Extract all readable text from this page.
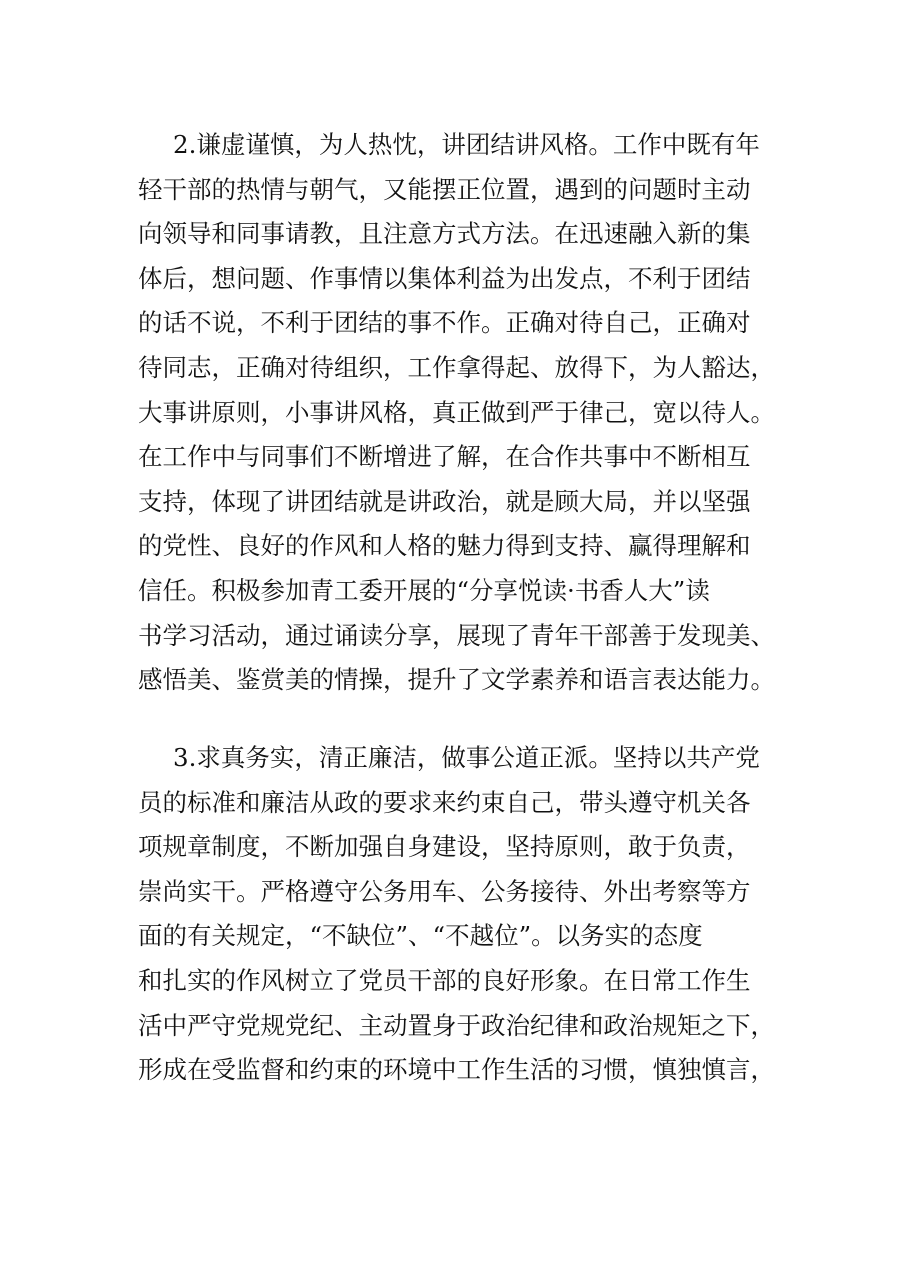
2.谦虚谨慎，为人热忱，讲团结讲风格。工作中既有年
轻干部的热情与朝气，又能摆正位置，遇到的问题时主动
向领导和同事请教，且注意方式方法。在迅速融入新的集
体后，想问题、作事情以集体利益为出发点，不利于团结
的话不说，不利于团结的事不作。正确对待自己，正确对
待同志，正确对待组织，工作拿得起、放得下，为人豁达，
大事讲原则，小事讲风格，真正做到严于律己，宽以待人。
在工作中与同事们不断增进了解，在合作共事中不断相互
支持，体现了讲团结就是讲政治，就是顾大局，并以坚强
的党性、良好的作风和人格的魅力得到支持、赢得理解和
信任。积极参加青工委开展的“分享悦读·书香人大”读
书学习活动，通过诵读分享，展现了青年干部善于发现美、
感悟美、鉴赏美的情操，提升了文学素养和语言表达能力。
3.求真务实，清正廉洁，做事公道正派。坚持以共产党
员的标准和廉洁从政的要求来约束自己，带头遵守机关各
项规章制度，不断加强自身建设，坚持原则，敢于负责，
崇尚实干。严格遵守公务用车、公务接待、外出考察等方
面的有关规定，“不缺位”、“不越位”。以务实的态度
和扎实的作风树立了党员干部的良好形象。在日常工作生
活中严守党规党纪、主动置身于政治纪律和政治规矩之下，
形成在受监督和约束的环境中工作生活的习惯，慎独慎言，
